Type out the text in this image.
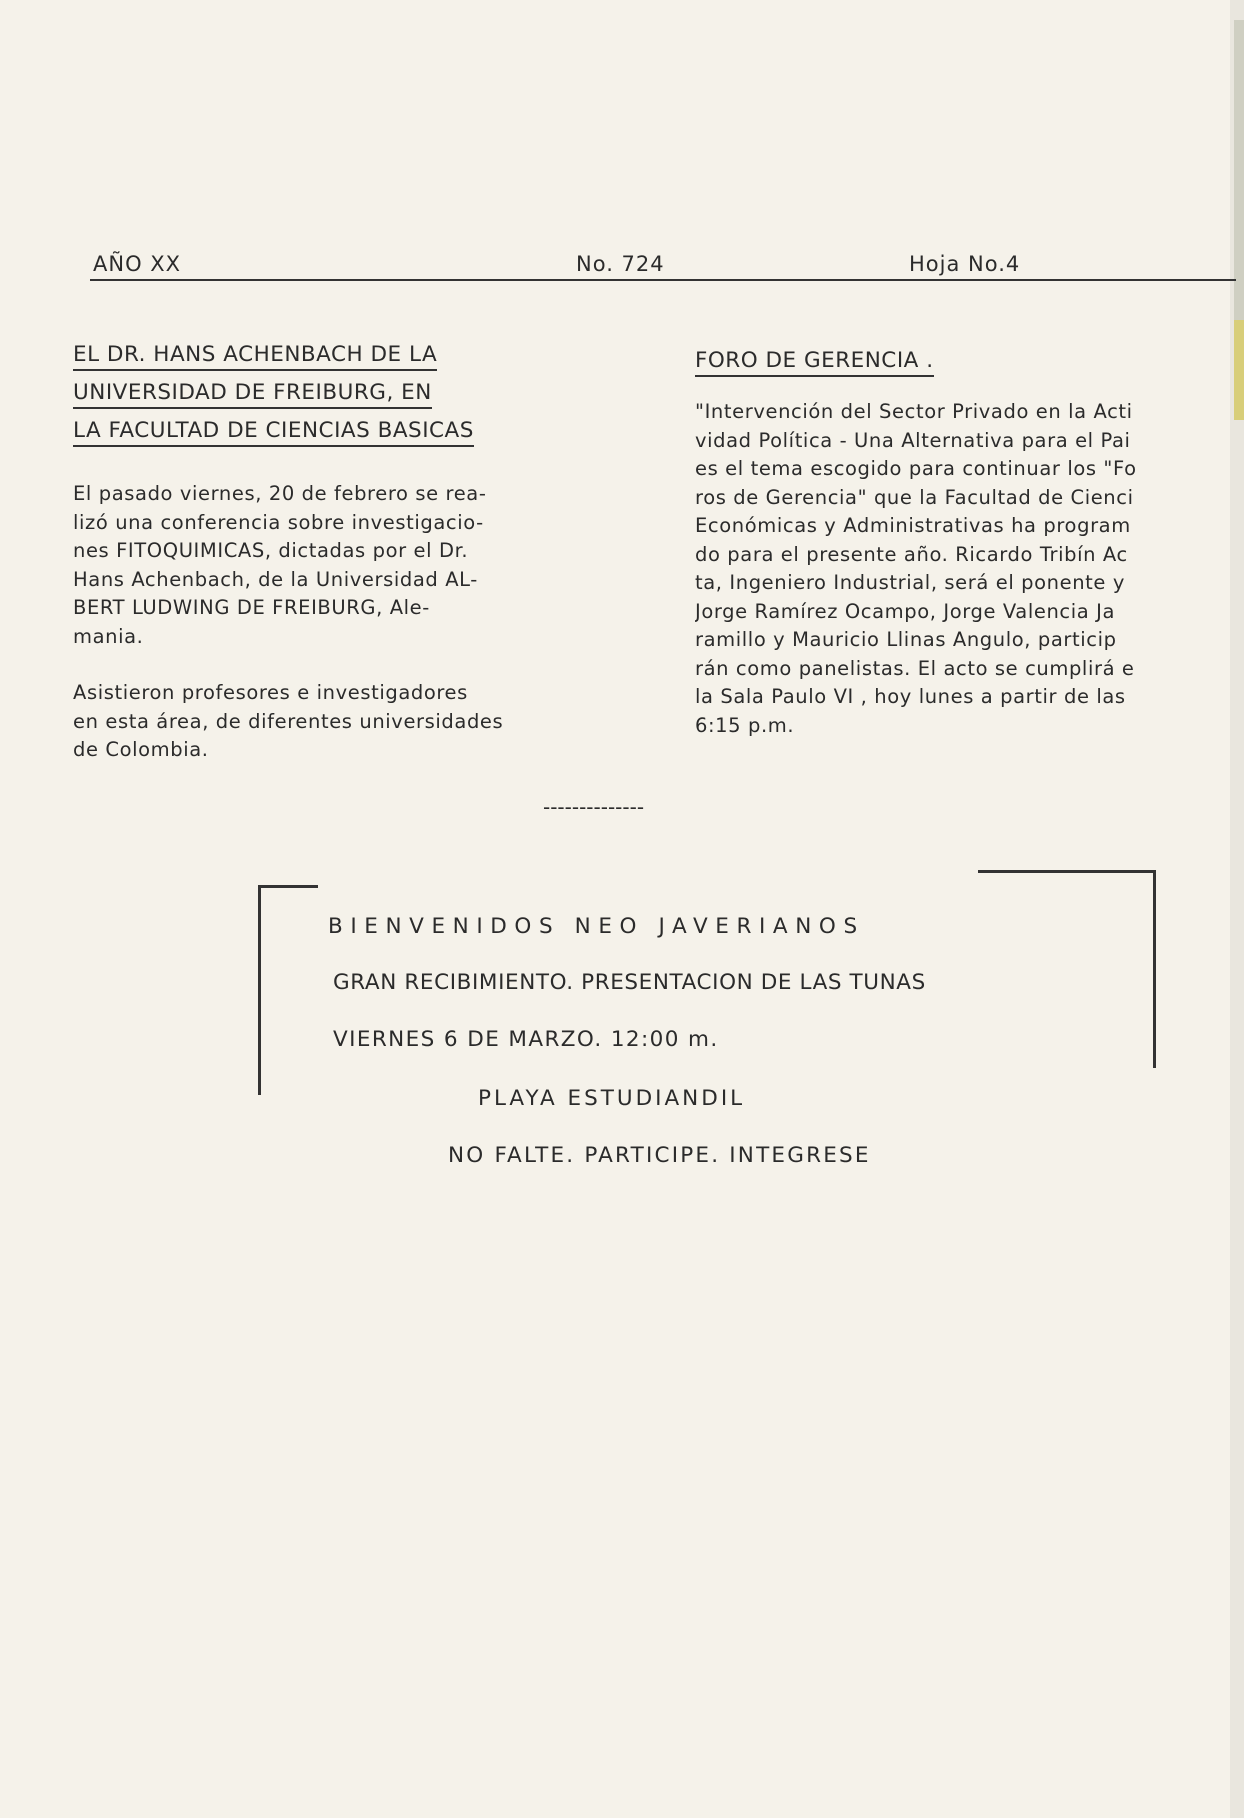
AÑO XX	No. 724	Hoja No.4

EL DR. HANS ACHENBACH DE LA

UNIVERSIDAD DE FREIBURG, EN

LA FACULTAD DE CIENCIAS BASICAS

El pasado viernes, 20 de febrero se rea-
lizó una conferencia sobre investigacio-
nes FITOQUIMICAS, dictadas por el Dr.
Hans Achenbach, de la Universidad AL-
BERT LUDWING DE FREIBURG, Ale-
mania.
Asistieron profesores e investigadores
en esta área, de diferentes universidades
de Colombia.

FORO DE GERENCIA .

"Intervención del Sector Privado en la Acti
vidad Política - Una Alternativa para el Pai
es el tema escogido para continuar los "Fo
ros de Gerencia" que la Facultad de Cienci
Económicas y Administrativas ha program
do para el presente año. Ricardo Tribín Ac
ta, Ingeniero Industrial, será el ponente y
Jorge Ramírez Ocampo, Jorge Valencia Ja
ramillo y Mauricio Llinas Angulo, particip
rán como panelistas. El acto se cumplirá e
la Sala Paulo VI , hoy lunes a partir de las
6:15 p.m.
--------------
BIENVENIDOS NEO JAVERIANOS
GRAN RECIBIMIENTO. PRESENTACION DE LAS TUNAS
VIERNES 6 DE MARZO. 12:00 m.
PLAYA ESTUDIANDIL
NO FALTE. PARTICIPE. INTEGRESE
